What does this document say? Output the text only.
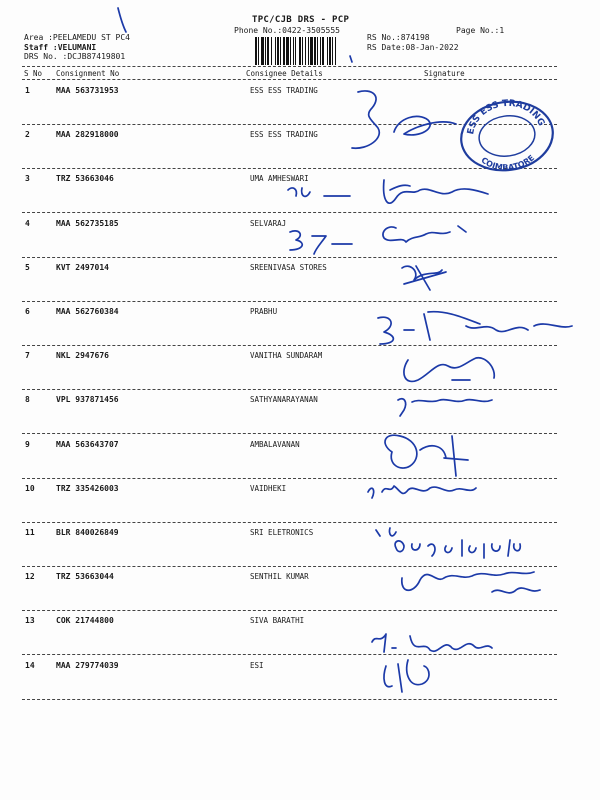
TPC/CJB DRS - PCP
Phone No.:0422-3505555	Page No.:1
Area :PEELAMEDU ST PC4
Staff :VELUMANI
DRS No. :DCJB87419801
RS No.:874198
RS Date:08-Jan-2022
S No Consignment No	Consignee Details	Signature
1	MAA 563731953	ESS ESS TRADING
2	MAA 282918000	ESS ESS TRADING
3	TRZ 53663046	UMA AMHESWARI
4	MAA 562735185	SELVARAJ
5	KVT 2497014	SREENIVASA STORES
6	MAA 562760384	PRABHU
7	NKL 2947676	VANITHA SUNDARAM
8	VPL 937871456	SATHYANARAYANAN
9	MAA 563643707	AMBALAVANAN
10	TRZ 335426003	VAIDHEKI
11	BLR 840026849	SRI ELETRONICS
12	TRZ 53663044	SENTHIL KUMAR
13	COK 21744800	SIVA BARATHI
14	MAA 279774039	ESI
ESS ESS TRADING
COIMBATORE
